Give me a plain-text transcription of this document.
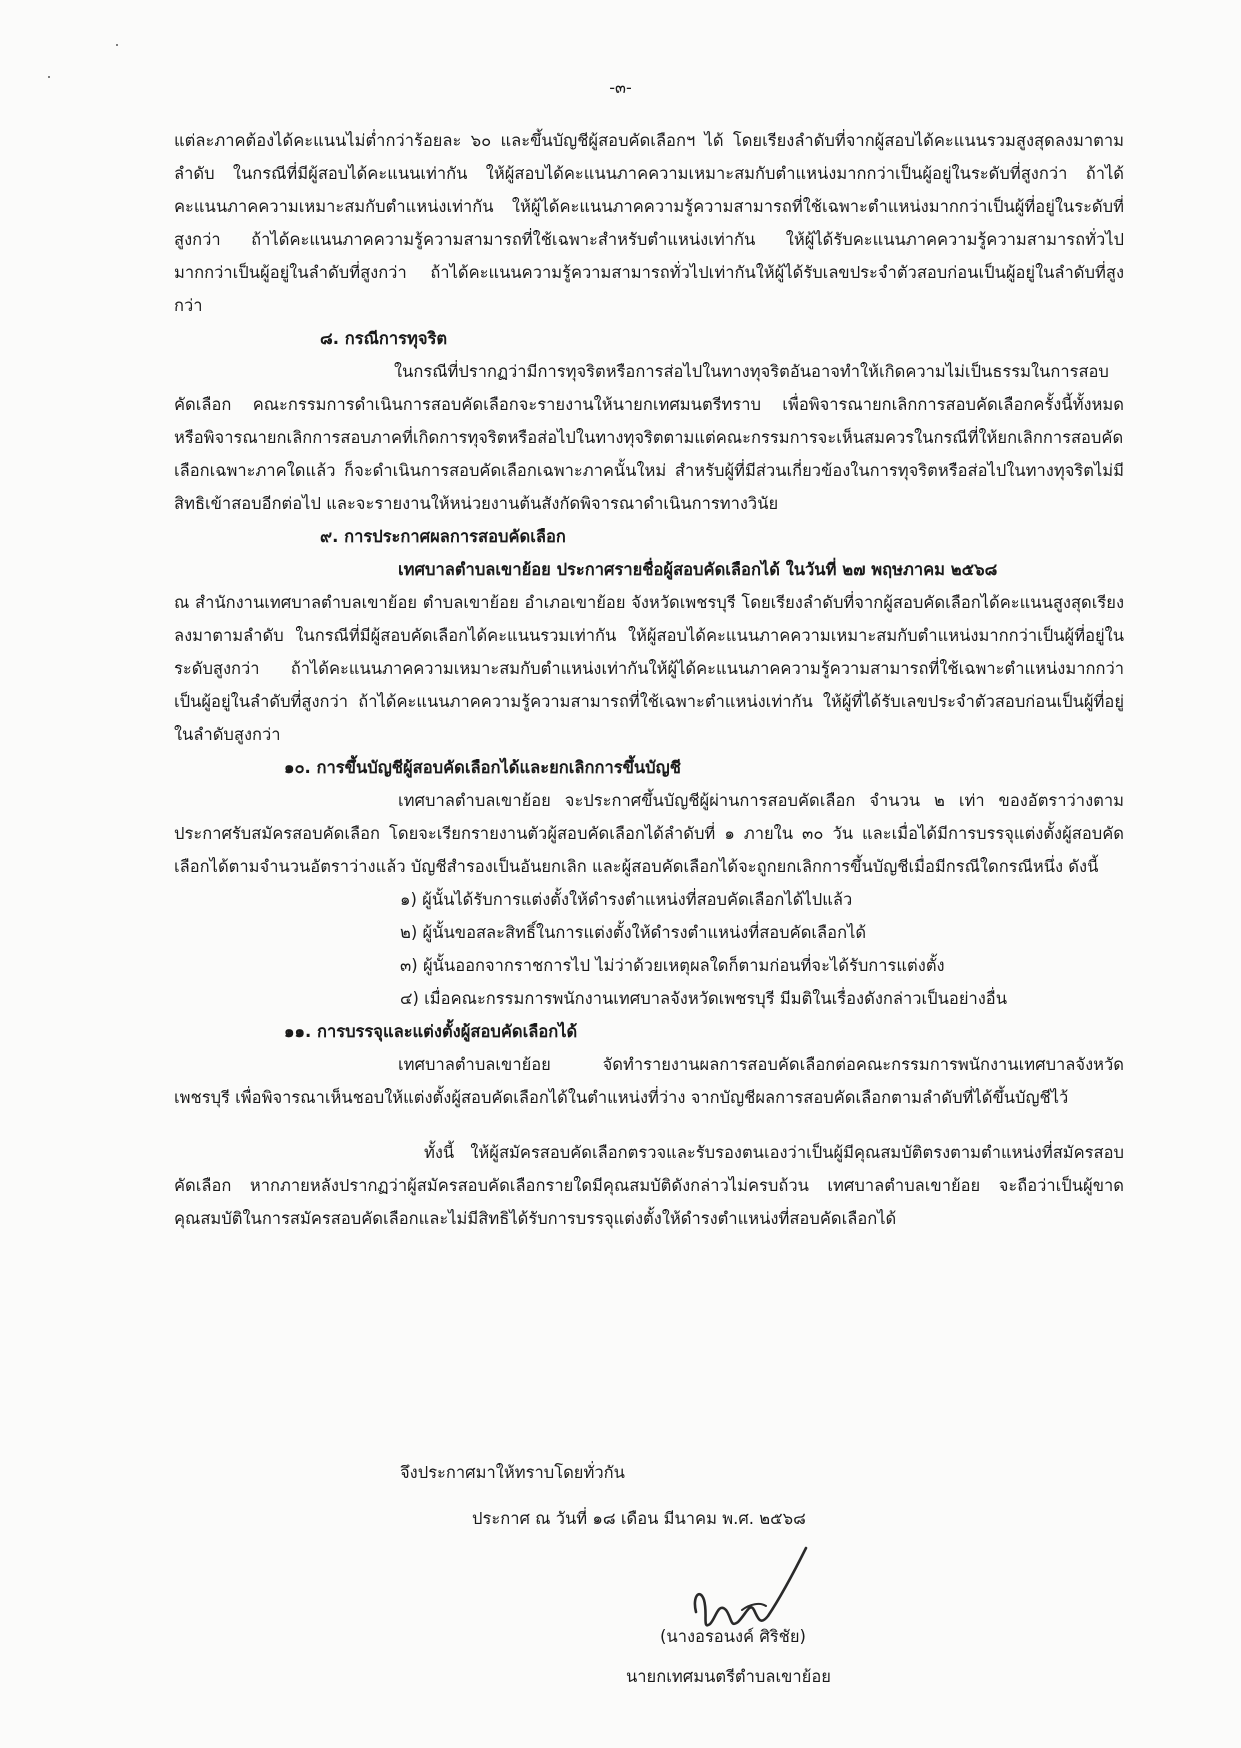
-๓-

แต่ละภาคต้องได้คะแนนไม่ต่ำกว่าร้อยละ ๖๐ และขึ้นบัญชีผู้สอบคัดเลือกฯ ได้ โดยเรียงลำดับที่จากผู้สอบได้คะแนนรวมสูงสุดลงมาตามลำดับ ในกรณีที่มีผู้สอบได้คะแนนเท่ากัน ให้ผู้สอบได้คะแนนภาคความเหมาะสมกับตำแหน่งมากกว่าเป็นผู้อยู่ในระดับที่สูงกว่า ถ้าได้คะแนนภาคความเหมาะสมกับตำแหน่งเท่ากัน ให้ผู้ได้คะแนนภาคความรู้ความสามารถที่ใช้เฉพาะตำแหน่งมากกว่าเป็นผู้ที่อยู่ในระดับที่สูงกว่า ถ้าได้คะแนนภาคความรู้ความสามารถที่ใช้เฉพาะสำหรับตำแหน่งเท่ากัน ให้ผู้ได้รับคะแนนภาคความรู้ความสามารถทั่วไปมากกว่าเป็นผู้อยู่ในลำดับที่สูงกว่า ถ้าได้คะแนนความรู้ความสามารถทั่วไปเท่ากันให้ผู้ได้รับเลขประจำตัวสอบก่อนเป็นผู้อยู่ในลำดับที่สูงกว่า

๘. กรณีการทุจริต

ในกรณีที่ปรากฏว่ามีการทุจริตหรือการส่อไปในทางทุจริตอันอาจทำให้เกิดความไม่เป็นธรรมในการสอบคัดเลือก คณะกรรมการดำเนินการสอบคัดเลือกจะรายงานให้นายกเทศมนตรีทราบ เพื่อพิจารณายกเลิกการสอบคัดเลือกครั้งนี้ทั้งหมด หรือพิจารณายกเลิกการสอบภาคที่เกิดการทุจริตหรือส่อไปในทางทุจริตตามแต่คณะกรรมการจะเห็นสมควรในกรณีที่ให้ยกเลิกการสอบคัดเลือกเฉพาะภาคใดแล้ว ก็จะดำเนินการสอบคัดเลือกเฉพาะภาคนั้นใหม่ สำหรับผู้ที่มีส่วนเกี่ยวข้องในการทุจริตหรือส่อไปในทางทุจริตไม่มีสิทธิเข้าสอบอีกต่อไป และจะรายงานให้หน่วยงานต้นสังกัดพิจารณาดำเนินการทางวินัย

๙. การประกาศผลการสอบคัดเลือก

เทศบาลตำบลเขาย้อย ประกาศรายชื่อผู้สอบคัดเลือกได้ ในวันที่ ๒๗ พฤษภาคม ๒๕๖๘

ณ สำนักงานเทศบาลตำบลเขาย้อย ตำบลเขาย้อย อำเภอเขาย้อย จังหวัดเพชรบุรี โดยเรียงลำดับที่จากผู้สอบคัดเลือกได้คะแนนสูงสุดเรียงลงมาตามลำดับ ในกรณีที่มีผู้สอบคัดเลือกได้คะแนนรวมเท่ากัน ให้ผู้สอบได้คะแนนภาคความเหมาะสมกับตำแหน่งมากกว่าเป็นผู้ที่อยู่ในระดับสูงกว่า ถ้าได้คะแนนภาคความเหมาะสมกับตำแหน่งเท่ากันให้ผู้ได้คะแนนภาคความรู้ความสามารถที่ใช้เฉพาะตำแหน่งมากกว่าเป็นผู้อยู่ในลำดับที่สูงกว่า ถ้าได้คะแนนภาคความรู้ความสามารถที่ใช้เฉพาะตำแหน่งเท่ากัน ให้ผู้ที่ได้รับเลขประจำตัวสอบก่อนเป็นผู้ที่อยู่ในลำดับสูงกว่า

๑๐. การขึ้นบัญชีผู้สอบคัดเลือกได้และยกเลิกการขึ้นบัญชี

เทศบาลตำบลเขาย้อย จะประกาศขึ้นบัญชีผู้ผ่านการสอบคัดเลือก จำนวน ๒ เท่า ของอัตราว่างตามประกาศรับสมัครสอบคัดเลือก โดยจะเรียกรายงานตัวผู้สอบคัดเลือกได้ลำดับที่ ๑ ภายใน ๓๐ วัน และเมื่อได้มีการบรรจุแต่งตั้งผู้สอบคัดเลือกได้ตามจำนวนอัตราว่างแล้ว บัญชีสำรองเป็นอันยกเลิก และผู้สอบคัดเลือกได้จะถูกยกเลิกการขึ้นบัญชีเมื่อมีกรณีใดกรณีหนึ่ง ดังนี้

๑) ผู้นั้นได้รับการแต่งตั้งให้ดำรงตำแหน่งที่สอบคัดเลือกได้ไปแล้ว
๒) ผู้นั้นขอสละสิทธิ์ในการแต่งตั้งให้ดำรงตำแหน่งที่สอบคัดเลือกได้
๓) ผู้นั้นออกจากราชการไป ไม่ว่าด้วยเหตุผลใดก็ตามก่อนที่จะได้รับการแต่งตั้ง
๔) เมื่อคณะกรรมการพนักงานเทศบาลจังหวัดเพชรบุรี มีมติในเรื่องดังกล่าวเป็นอย่างอื่น

๑๑. การบรรจุและแต่งตั้งผู้สอบคัดเลือกได้

เทศบาลตำบลเขาย้อย จัดทำรายงานผลการสอบคัดเลือกต่อคณะกรรมการพนักงานเทศบาลจังหวัดเพชรบุรี เพื่อพิจารณาเห็นชอบให้แต่งตั้งผู้สอบคัดเลือกได้ในตำแหน่งที่ว่าง จากบัญชีผลการสอบคัดเลือกตามลำดับที่ได้ขึ้นบัญชีไว้

ทั้งนี้ ให้ผู้สมัครสอบคัดเลือกตรวจและรับรองตนเองว่าเป็นผู้มีคุณสมบัติตรงตามตำแหน่งที่สมัครสอบคัดเลือก หากภายหลังปรากฏว่าผู้สมัครสอบคัดเลือกรายใดมีคุณสมบัติดังกล่าวไม่ครบถ้วน เทศบาลตำบลเขาย้อย จะถือว่าเป็นผู้ขาดคุณสมบัติในการสมัครสอบคัดเลือกและไม่มีสิทธิได้รับการบรรจุแต่งตั้งให้ดำรงตำแหน่งที่สอบคัดเลือกได้

จึงประกาศมาให้ทราบโดยทั่วกัน
ประกาศ ณ วันที่ ๑๘ เดือน มีนาคม พ.ศ. ๒๕๖๘
(นางอรอนงค์ ศิริชัย)
นายกเทศมนตรีตำบลเขาย้อย
